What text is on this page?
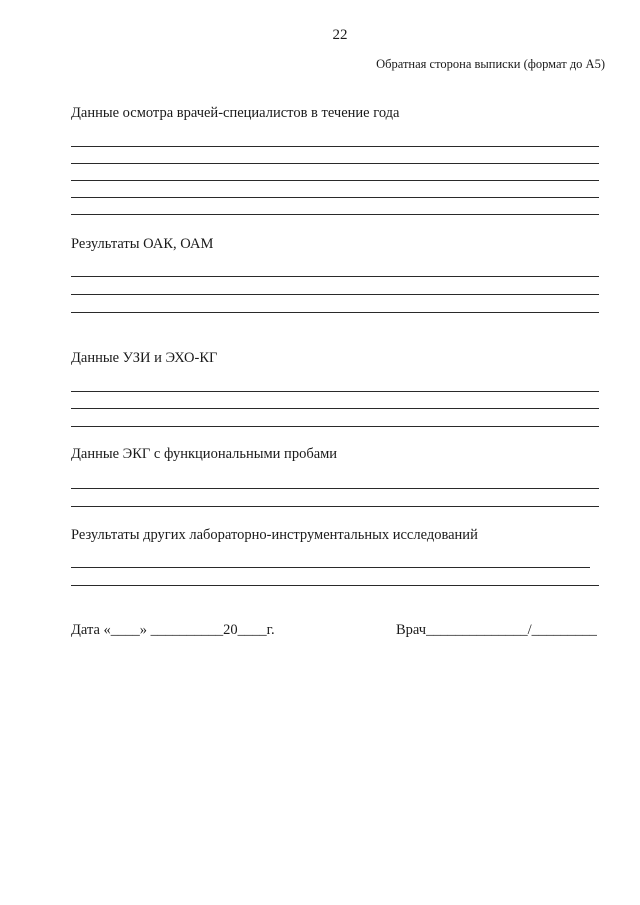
22
Обратная сторона выписки (формат до А5)
Данные осмотра врачей-специалистов в течение года
Результаты ОАК, ОАМ
Данные УЗИ и ЭХО-КГ
Данные ЭКГ с функциональными пробами
Результаты других лабораторно-инструментальных исследований
Дата «____» __________20____г.	Врач______________/_________
